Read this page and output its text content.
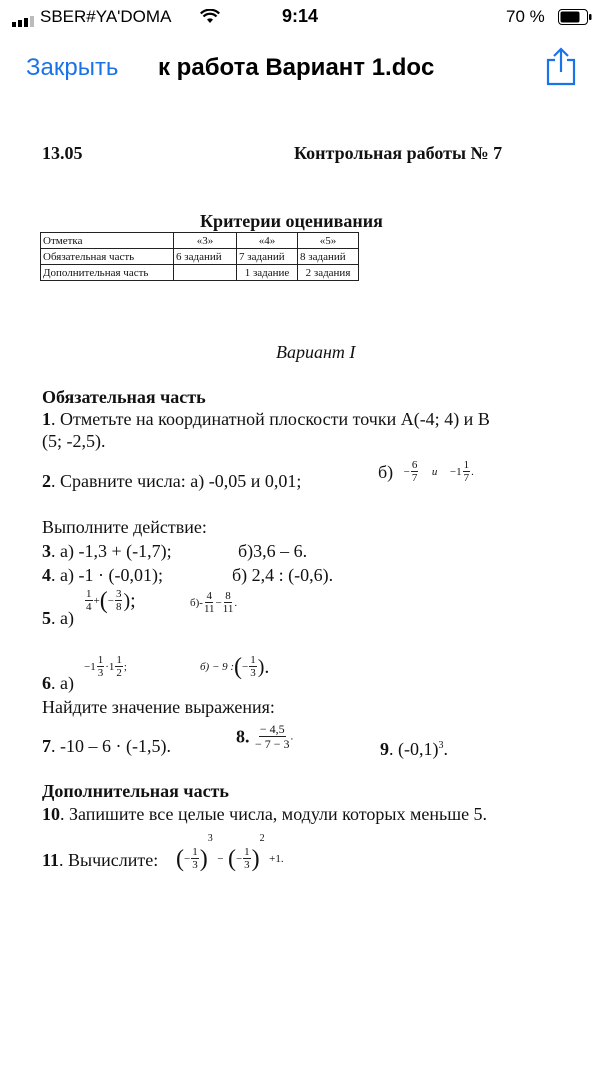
SBER#YA'DOMA	9:14	70 %
Закрыть к работа Вариант 1.doc
13.05	Контрольная работы № 7
Критерии оценивания
Отметка	«3»	«4»	«5»
Обязательная часть	6 заданий	7 заданий	8 заданий
Дополнительная часть		1 задание	2 задания
Вариант I
Обязательная часть
1. Отметьте на координатной плоскости точки А(-4; 4) и В
(5; -2,5).
2. Сравните числа: а) -0,05 и 0,01;	$б) - \frac{6}{7}$ $и -1 \frac{1}{7}$ .
Выполните действие:
3. а) -1,3 + (-1,7);	б)3,6 – 6.
4. а) -1 · (-0,01);	б) 2,4 : (-0,6).
5. а)
$\frac{1}{4}$ +(− $\frac{3}{8}$ );	$б)- \frac{4}{11} - \frac{8}{11}$ .
6. а)
$-1 \frac{1}{3} \cdot 1 \frac{1}{2}$ ;	б) − 9 :(− $\frac{1}{3}$ ).
Найдите значение выражения:
7. -10 – 6 · (-1,5).	8. $\frac{- 4,5}{- 7 - 3}$ .
9. $(-0,1)^3$.
Дополнительная часть
10. Запишите все целые числа, модули которых меньше 5.
11. Вычислите: (− $\frac{1}{3} )^3$ − (− $\frac{1}{3} )^2 +1$.
